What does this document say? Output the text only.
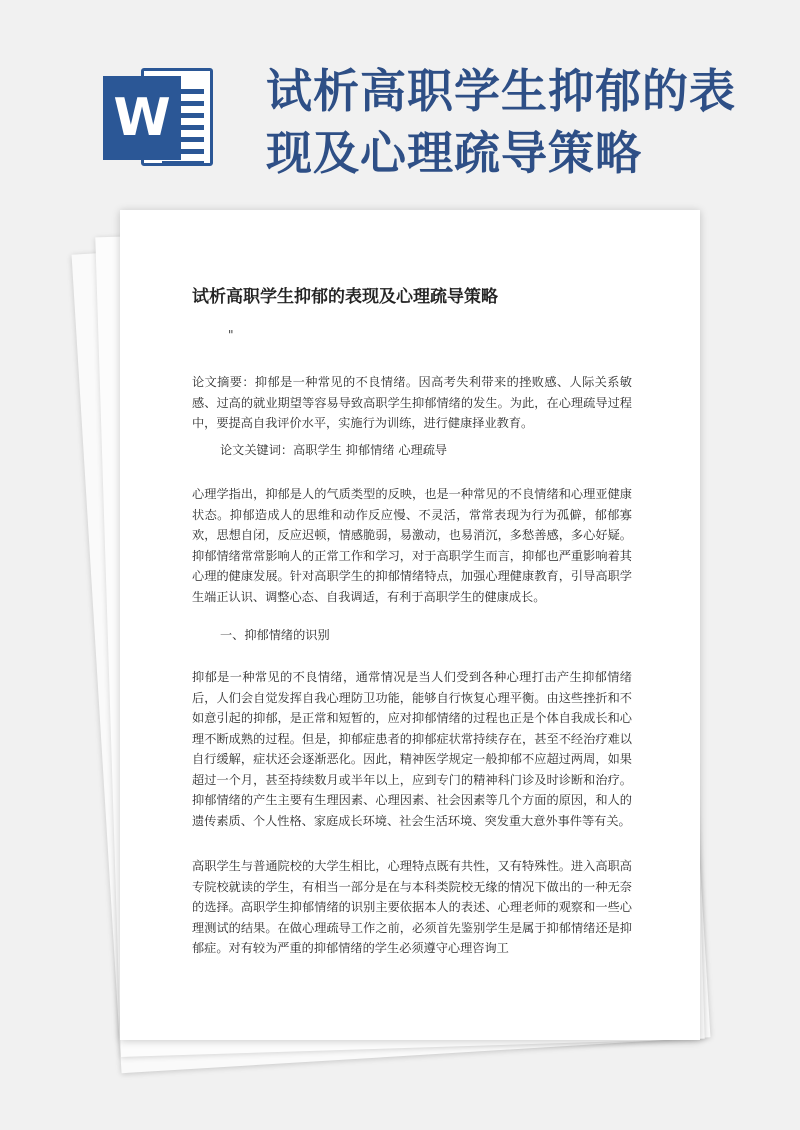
W 试析高职学生抑郁的表
现及心理疏导策略
试析高职学生抑郁的表现及心理疏导策略
"

论文摘要：抑郁是一种常见的不良情绪。因高考失利带来的挫败感、人际关系敏感、过高的就业期望等容易导致高职学生抑郁情绪的发生。为此，在心理疏导过程中，要提高自我评价水平，实施行为训练，进行健康择业教育。

论文关键词：高职学生 抑郁情绪 心理疏导

心理学指出，抑郁是人的气质类型的反映，也是一种常见的不良情绪和心理亚健康状态。抑郁造成人的思维和动作反应慢、不灵活，常常表现为行为孤僻，郁郁寡欢，思想自闭，反应迟顿，情感脆弱，易激动，也易消沉，多愁善感，多心好疑。抑郁情绪常常影响人的正常工作和学习，对于高职学生而言，抑郁也严重影响着其心理的健康发展。针对高职学生的抑郁情绪特点，加强心理健康教育，引导高职学生端正认识、调整心态、自我调适，有利于高职学生的健康成长。

一、抑郁情绪的识别

抑郁是一种常见的不良情绪，通常情况是当人们受到各种心理打击产生抑郁情绪后，人们会自觉发挥自我心理防卫功能，能够自行恢复心理平衡。由这些挫折和不如意引起的抑郁，是正常和短暂的，应对抑郁情绪的过程也正是个体自我成长和心理不断成熟的过程。但是，抑郁症患者的抑郁症状常持续存在，甚至不经治疗难以自行缓解，症状还会逐渐恶化。因此，精神医学规定一般抑郁不应超过两周，如果超过一个月，甚至持续数月或半年以上，应到专门的精神科门诊及时诊断和治疗。抑郁情绪的产生主要有生理因素、心理因素、社会因素等几个方面的原因，和人的遗传素质、个人性格、家庭成长环境、社会生活环境、突发重大意外事件等有关。

高职学生与普通院校的大学生相比，心理特点既有共性，又有特殊性。进入高职高专院校就读的学生，有相当一部分是在与本科类院校无缘的情况下做出的一种无奈的选择。高职学生抑郁情绪的识别主要依据本人的表述、心理老师的观察和一些心理测试的结果。在做心理疏导工作之前，必须首先鉴别学生是属于抑郁情绪还是抑郁症。对有较为严重的抑郁情绪的学生必须遵守心理咨询工
